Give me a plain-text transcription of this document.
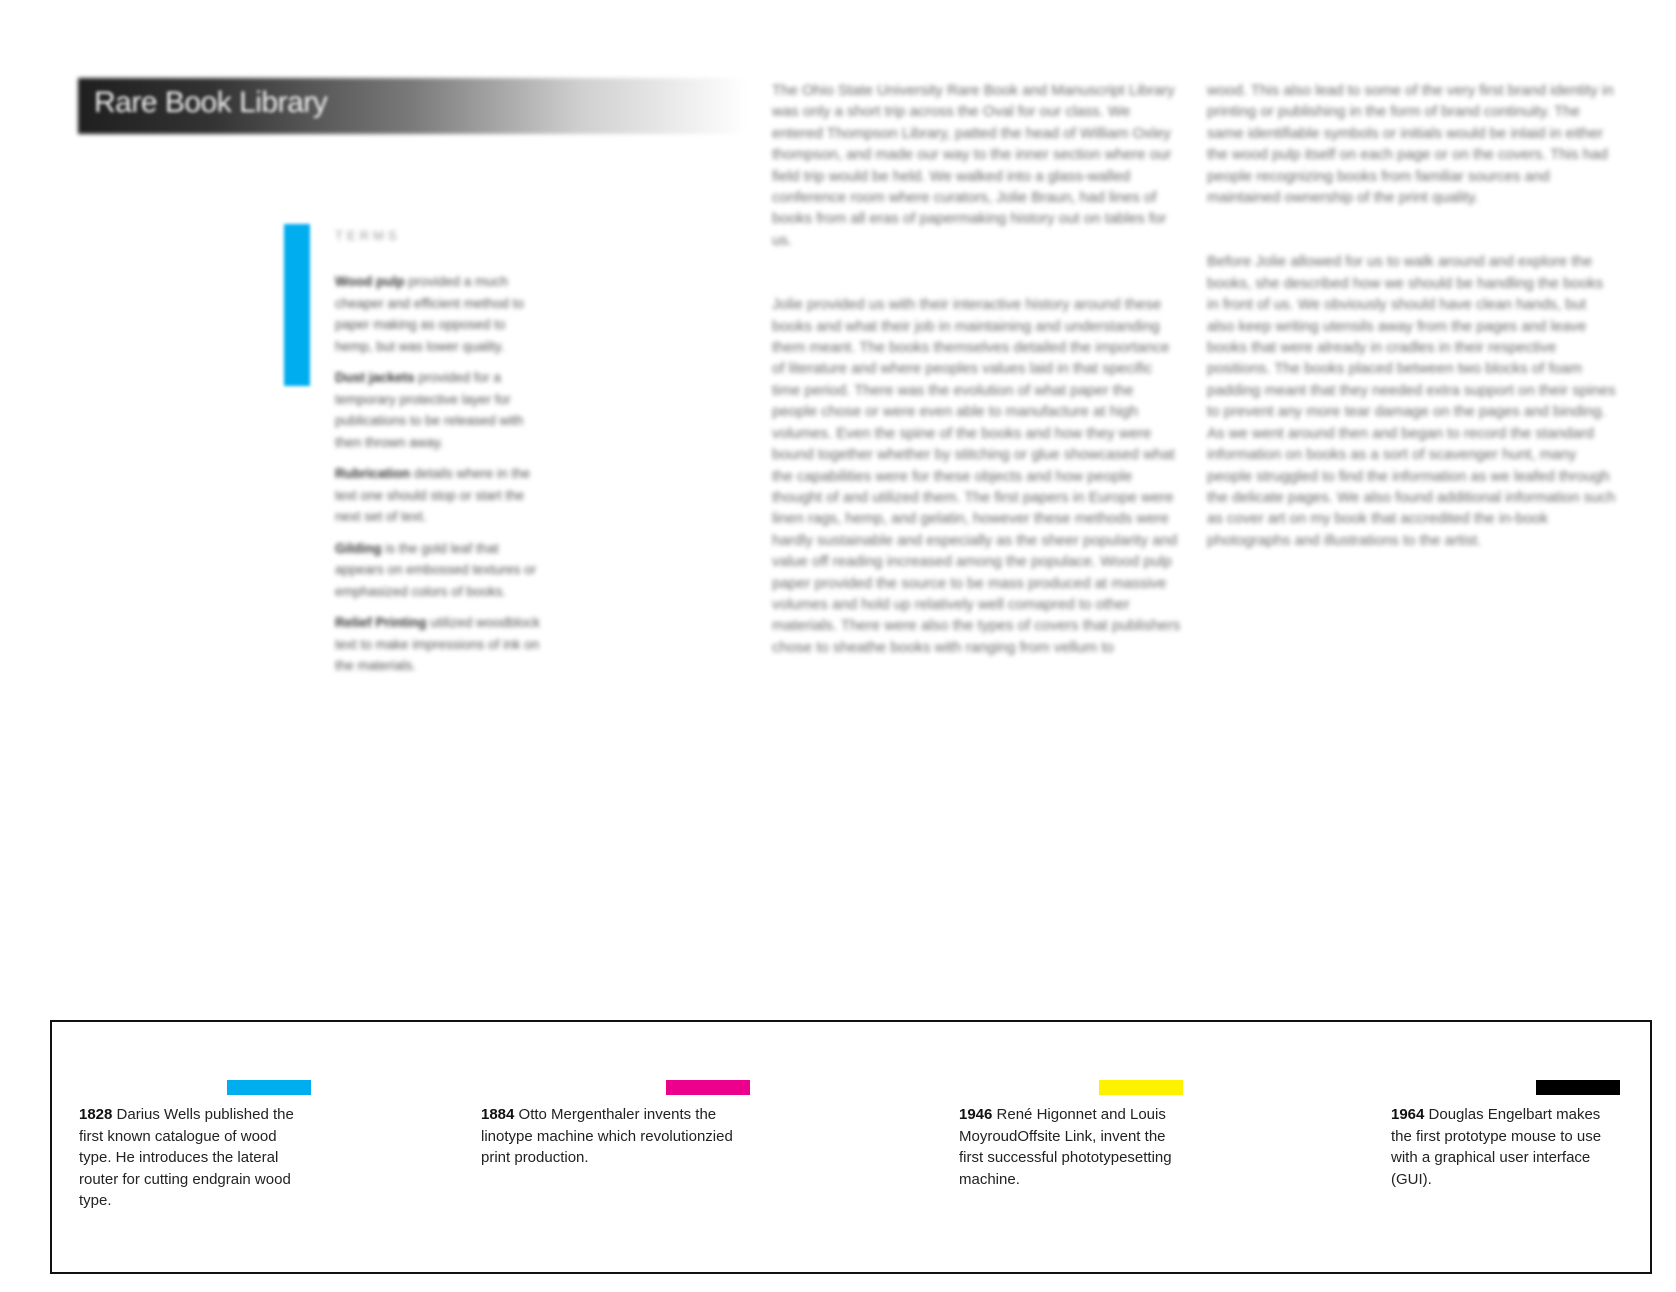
Rare Book Library
TERMS

Wood pulp provided a much cheaper and efficient method to paper making as opposed to hemp, but was lower quality.

Dust jackets provided for a temporary protective layer for publications to be released with then thrown away.

Rubrication details where in the text one should stop or start the next set of text.

Gilding is the gold leaf that appears on embossed textures or emphasized colors of books.

Relief Printing utilized woodblock text to make impressions of ink on the materials.

The Ohio State University Rare Book and Manuscript Library was only a short trip across the Oval for our class. We entered Thompson Library, patted the head of William Oxley thompson, and made our way to the inner section where our field trip would be held. We walked into a glass-walled conference room where curators, Jolie Braun, had lines of books from all eras of papermaking history out on tables for us.

Jolie provided us with their interactive history around these books and what their job in maintaining and understanding them meant. The books themselves detailed the importance of literature and where peoples values laid in that specific time period. There was the evolution of what paper the people chose or were even able to manufacture at high volumes. Even the spine of the books and how they were bound together whether by stitching or glue showcased what the capabilities were for these objects and how people thought of and utilized them. The first papers in Europe were linen rags, hemp, and gelatin, however these methods were hardly sustainable and especially as the sheer popularity and value off reading increased among the populace. Wood pulp paper provided the source to be mass produced at massive volumes and hold up relatively well comapred to other materials. There were also the types of covers that publishers chose to sheathe books with ranging from vellum to

wood. This also lead to some of the very first brand identity in printing or publishing in the form of brand continuity. The same identifiable symbols or initials would be inlaid in either the wood pulp itself on each page or on the covers. This had people recognizing books from familiar sources and maintained ownership of the print quality.

Before Jolie allowed for us to walk around and explore the books, she described how we should be handling the books in front of us. We obviously should have clean hands, but also keep writing utensils away from the pages and leave books that were already in cradles in their respective positions. The books placed between two blocks of foam padding meant that they needed extra support on their spines to prevent any more tear damage on the pages and binding. As we went around then and began to record the standard information on books as a sort of scavenger hunt, many people struggled to find the information as we leafed through the delicate pages. We also found additional information such as cover art on my book that accredited the in-book photographs and illustrations to the artist.

1828 Darius Wells published the first known catalogue of wood type. He introduces the lateral router for cutting endgrain wood type.
1884 Otto Mergenthaler invents the linotype machine which revolutionzied print production.
1946 René Higonnet and Louis MoyroudOffsite Link, invent the first successful phototypesetting machine.
1964 Douglas Engelbart makes the first prototype mouse to use with a graphical user interface (GUI).
